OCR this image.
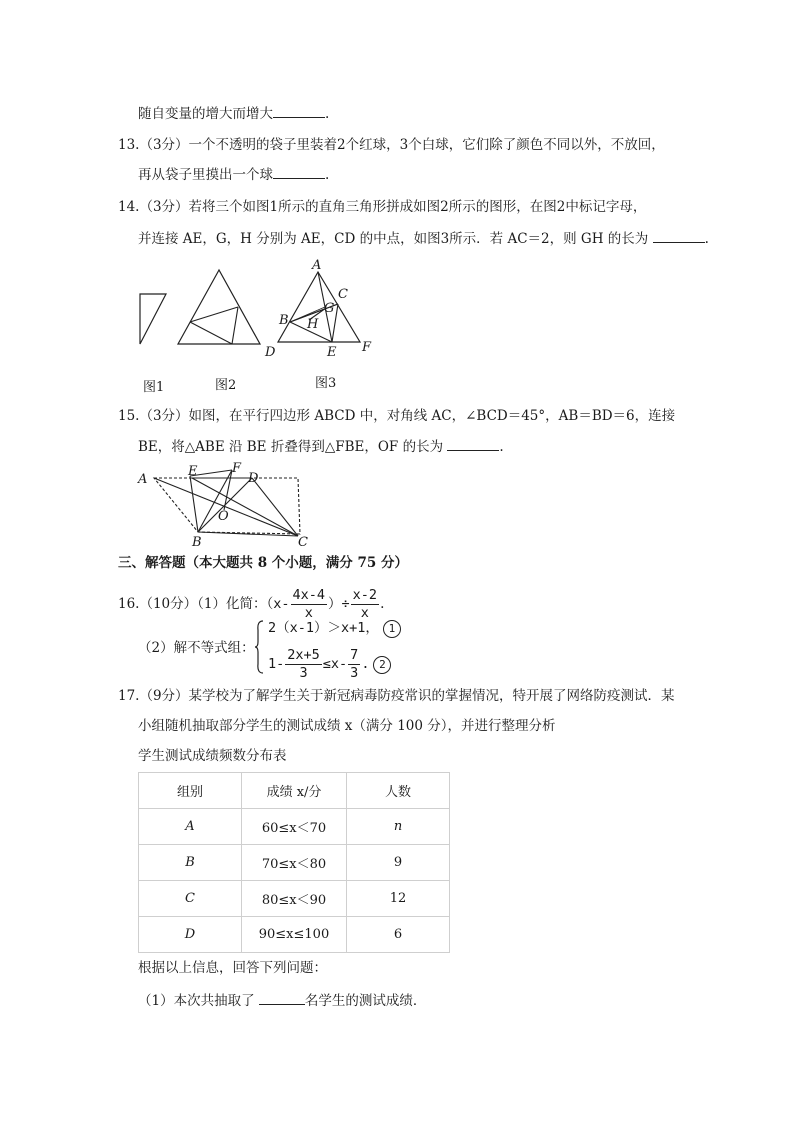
随自变量的增大而增大	.
13.（3分）一个不透明的袋子里装着2个红球，3个白球，它们除了颜色不同以外，不放回，
再从袋子里摸出一个球	.
14.（3分）若将三个如图1所示的直角三角形拼成如图2所示的图形，在图2中标记字母，
并连接 AE，G，H 分别为 AE，CD 的中点，如图3所示．若 AC＝2，则 GH 的长为	.
A
C
G
B H
D	E F
图1	图2	图3
15.（3分）如图，在平行四边形 ABCD 中，对角线 AC，∠BCD＝45°，AB＝BD＝6，连接
BE，将△ABE 沿 BE 折叠得到△FBE，OF 的长为	.
A
E	F
D
O
B	C
三、解答题（本大题共 8 个小题，满分 75 分）
16.（10分）（1）化简：（$x- \frac{4x-4}{x}$ ）÷ $\frac{x-2}{x}$ .
（2）解不等式组：
2（x-1）＞x+1， 1
$1- \frac{2x+5}{3} \le x- \frac{7}{3}$ . 2
17.（9分）某学校为了解学生关于新冠病毒防疫常识的掌握情况，特开展了网络防疫测试．某
小组随机抽取部分学生的测试成绩 x（满分 100 分），并进行整理分析
学生测试成绩频数分布表
组别	成绩 x/分	人数
A	60≤x＜70	n
B	70≤x＜80	9
C	80≤x＜90	12
D	90≤x≤100	6
根据以上信息，回答下列问题：
（1）本次共抽取了	名学生的测试成绩．
